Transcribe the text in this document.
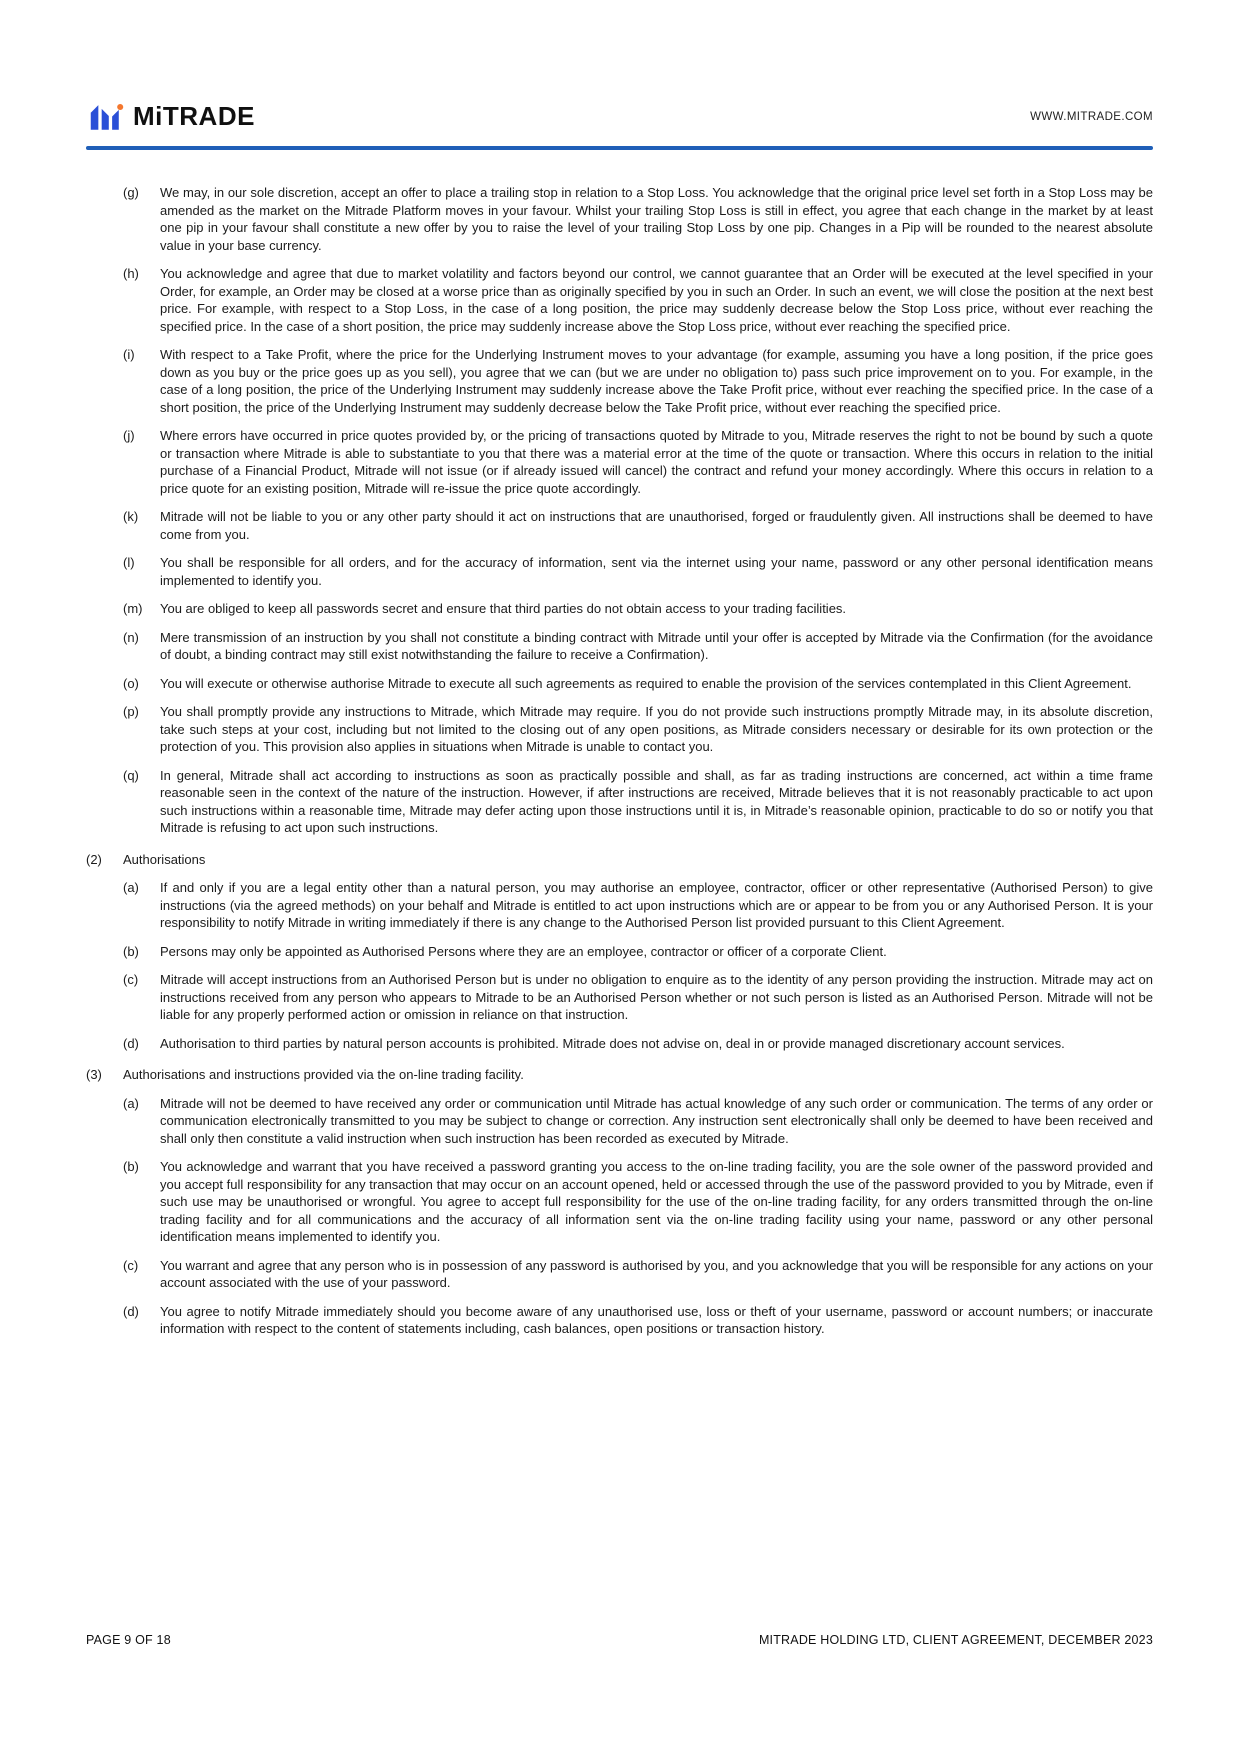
MiTRADE	WWW.MITRADE.COM
(g)	We may, in our sole discretion, accept an offer to place a trailing stop in relation to a Stop Loss. You acknowledge that the original price level set forth in a Stop Loss may be amended as the market on the Mitrade Platform moves in your favour. Whilst your trailing Stop Loss is still in effect, you agree that each change in the market by at least one pip in your favour shall constitute a new offer by you to raise the level of your trailing Stop Loss by one pip. Changes in a Pip will be rounded to the nearest absolute value in your base currency.
(h)	You acknowledge and agree that due to market volatility and factors beyond our control, we cannot guarantee that an Order will be executed at the level specified in your Order, for example, an Order may be closed at a worse price than as originally specified by you in such an Order. In such an event, we will close the position at the next best price. For example, with respect to a Stop Loss, in the case of a long position, the price may suddenly decrease below the Stop Loss price, without ever reaching the specified price. In the case of a short position, the price may suddenly increase above the Stop Loss price, without ever reaching the specified price.
(i)	With respect to a Take Profit, where the price for the Underlying Instrument moves to your advantage (for example, assuming you have a long position, if the price goes down as you buy or the price goes up as you sell), you agree that we can (but we are under no obligation to) pass such price improvement on to you. For example, in the case of a long position, the price of the Underlying Instrument may suddenly increase above the Take Profit price, without ever reaching the specified price. In the case of a short position, the price of the Underlying Instrument may suddenly decrease below the Take Profit price, without ever reaching the specified price.
(j)	Where errors have occurred in price quotes provided by, or the pricing of transactions quoted by Mitrade to you, Mitrade reserves the right to not be bound by such a quote or transaction where Mitrade is able to substantiate to you that there was a material error at the time of the quote or transaction. Where this occurs in relation to the initial purchase of a Financial Product, Mitrade will not issue (or if already issued will cancel) the contract and refund your money accordingly. Where this occurs in relation to a price quote for an existing position, Mitrade will re-issue the price quote accordingly.
(k)	Mitrade will not be liable to you or any other party should it act on instructions that are unauthorised, forged or fraudulently given. All instructions shall be deemed to have come from you.
(l)	You shall be responsible for all orders, and for the accuracy of information, sent via the internet using your name, password or any other personal identification means implemented to identify you.
(m)	You are obliged to keep all passwords secret and ensure that third parties do not obtain access to your trading facilities.
(n)	Mere transmission of an instruction by you shall not constitute a binding contract with Mitrade until your offer is accepted by Mitrade via the Confirmation (for the avoidance of doubt, a binding contract may still exist notwithstanding the failure to receive a Confirmation).
(o)	You will execute or otherwise authorise Mitrade to execute all such agreements as required to enable the provision of the services contemplated in this Client Agreement.
(p)	You shall promptly provide any instructions to Mitrade, which Mitrade may require. If you do not provide such instructions promptly Mitrade may, in its absolute discretion, take such steps at your cost, including but not limited to the closing out of any open positions, as Mitrade considers necessary or desirable for its own protection or the protection of you. This provision also applies in situations when Mitrade is unable to contact you.
(q)	In general, Mitrade shall act according to instructions as soon as practically possible and shall, as far as trading instructions are concerned, act within a time frame reasonable seen in the context of the nature of the instruction. However, if after instructions are received, Mitrade believes that it is not reasonably practicable to act upon such instructions within a reasonable time, Mitrade may defer acting upon those instructions until it is, in Mitrade’s reasonable opinion, practicable to do so or notify you that Mitrade is refusing to act upon such instructions.
(2)	Authorisations
(a)	If and only if you are a legal entity other than a natural person, you may authorise an employee, contractor, officer or other representative (Authorised Person) to give instructions (via the agreed methods) on your behalf and Mitrade is entitled to act upon instructions which are or appear to be from you or any Authorised Person. It is your responsibility to notify Mitrade in writing immediately if there is any change to the Authorised Person list provided pursuant to this Client Agreement.
(b)	Persons may only be appointed as Authorised Persons where they are an employee, contractor or officer of a corporate Client.
(c)	Mitrade will accept instructions from an Authorised Person but is under no obligation to enquire as to the identity of any person providing the instruction. Mitrade may act on instructions received from any person who appears to Mitrade to be an Authorised Person whether or not such person is listed as an Authorised Person. Mitrade will not be liable for any properly performed action or omission in reliance on that instruction.
(d)	Authorisation to third parties by natural person accounts is prohibited. Mitrade does not advise on, deal in or provide managed discretionary account services.
(3)	Authorisations and instructions provided via the on-line trading facility.
(a)	Mitrade will not be deemed to have received any order or communication until Mitrade has actual knowledge of any such order or communication. The terms of any order or communication electronically transmitted to you may be subject to change or correction. Any instruction sent electronically shall only be deemed to have been received and shall only then constitute a valid instruction when such instruction has been recorded as executed by Mitrade.
(b)	You acknowledge and warrant that you have received a password granting you access to the on-line trading facility, you are the sole owner of the password provided and you accept full responsibility for any transaction that may occur on an account opened, held or accessed through the use of the password provided to you by Mitrade, even if such use may be unauthorised or wrongful. You agree to accept full responsibility for the use of the on-line trading facility, for any orders transmitted through the on-line trading facility and for all communications and the accuracy of all information sent via the on-line trading facility using your name, password or any other personal identification means implemented to identify you.
(c)	You warrant and agree that any person who is in possession of any password is authorised by you, and you acknowledge that you will be responsible for any actions on your account associated with the use of your password.
(d)	You agree to notify Mitrade immediately should you become aware of any unauthorised use, loss or theft of your username, password or account numbers; or inaccurate information with respect to the content of statements including, cash balances, open positions or transaction history.
PAGE 9 OF 18	MITRADE HOLDING LTD, CLIENT AGREEMENT, DECEMBER 2023
